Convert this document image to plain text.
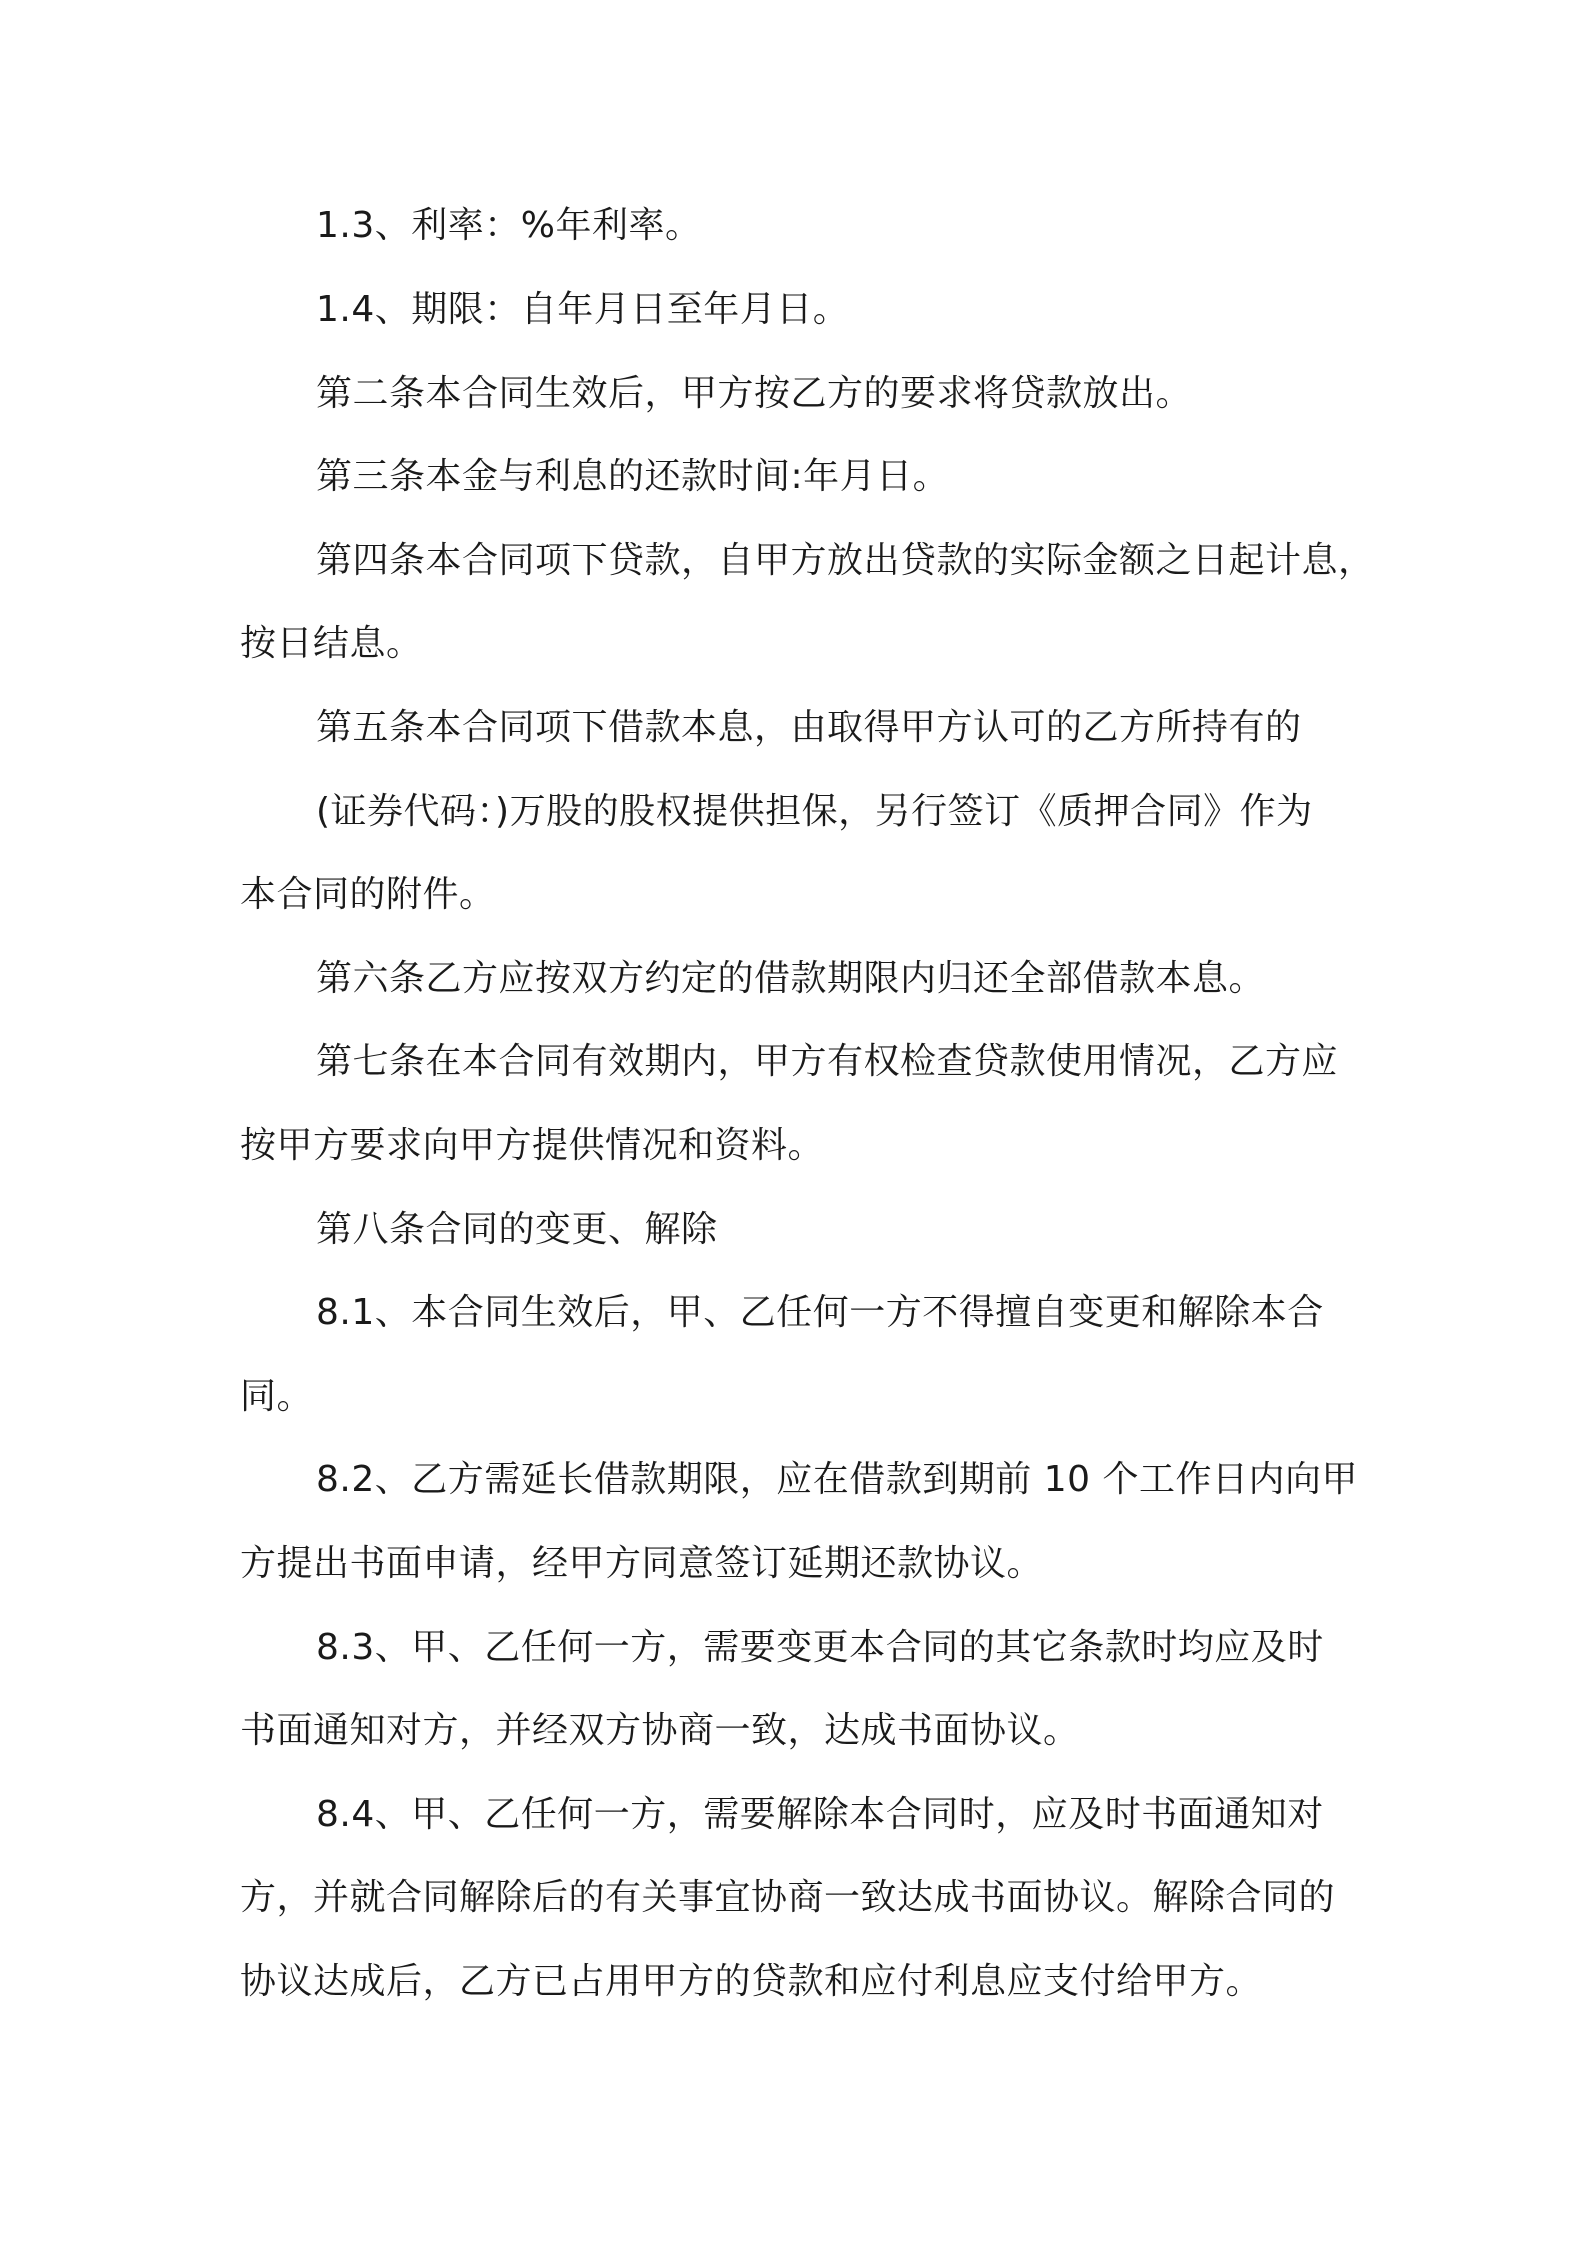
1.3、利率：%年利率。
1.4、期限：自年月日至年月日。
第二条本合同生效后，甲方按乙方的要求将贷款放出。
第三条本金与利息的还款时间:年月日。
第四条本合同项下贷款，自甲方放出贷款的实际金额之日起计息，
按日结息。
第五条本合同项下借款本息，由取得甲方认可的乙方所持有的
(证券代码：)万股的股权提供担保，另行签订《质押合同》作为
本合同的附件。
第六条乙方应按双方约定的借款期限内归还全部借款本息。
第七条在本合同有效期内，甲方有权检查贷款使用情况，乙方应
按甲方要求向甲方提供情况和资料。
第八条合同的变更、解除
8.1、本合同生效后，甲、乙任何一方不得擅自变更和解除本合
同。
8.2、乙方需延长借款期限，应在借款到期前 10 个工作日内向甲
方提出书面申请，经甲方同意签订延期还款协议。
8.3、甲、乙任何一方，需要变更本合同的其它条款时均应及时
书面通知对方，并经双方协商一致，达成书面协议。
8.4、甲、乙任何一方，需要解除本合同时，应及时书面通知对
方，并就合同解除后的有关事宜协商一致达成书面协议。解除合同的
协议达成后，乙方已占用甲方的贷款和应付利息应支付给甲方。
